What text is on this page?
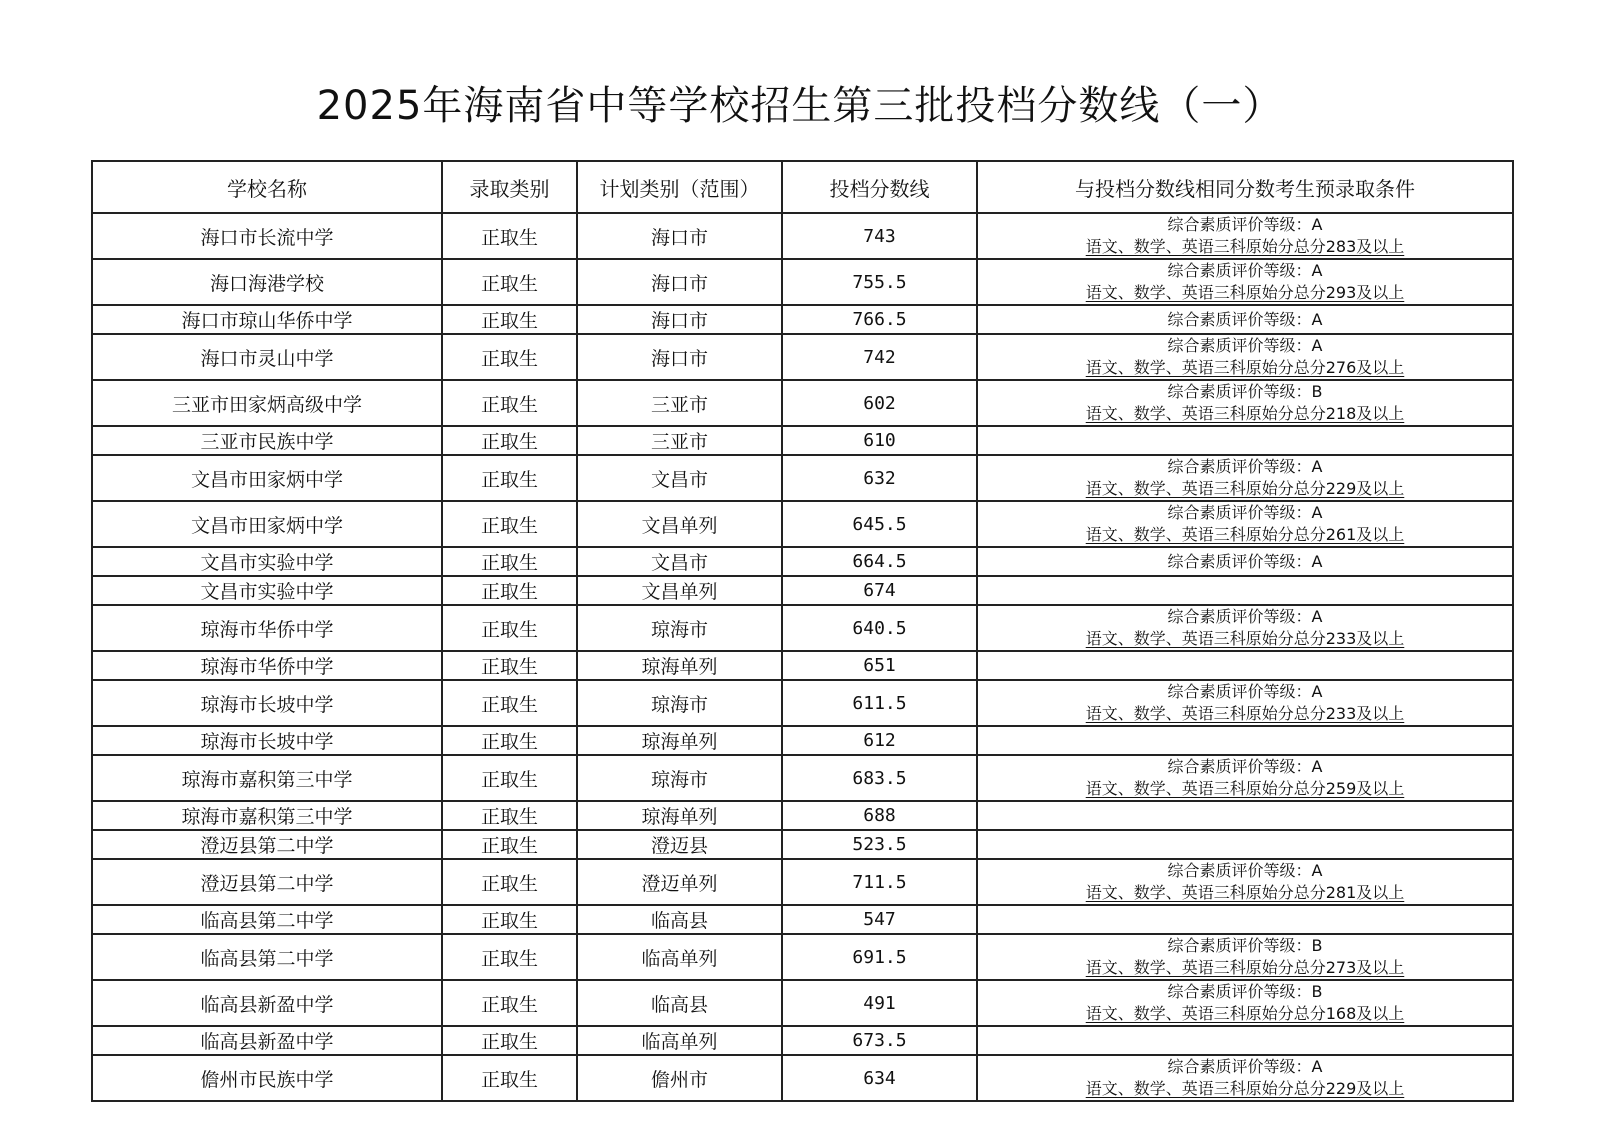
2025年海南省中等学校招生第三批投档分数线（一）
学校名称	录取类别	计划类别（范围）	投档分数线	与投档分数线相同分数考生预录取条件
海口市长流中学	正取生	海口市	743	综合素质评价等级：A
语文、数学、英语三科原始分总分283及以上

海口海港学校	正取生	海口市	755.5	综合素质评价等级：A
语文、数学、英语三科原始分总分293及以上

海口市琼山华侨中学	正取生	海口市	766.5	综合素质评价等级：A

海口市灵山中学	正取生	海口市	742	综合素质评价等级：A
语文、数学、英语三科原始分总分276及以上

三亚市田家炳高级中学	正取生	三亚市	602	综合素质评价等级：B
语文、数学、英语三科原始分总分218及以上

三亚市民族中学	正取生	三亚市	610	
文昌市田家炳中学	正取生	文昌市	632	综合素质评价等级：A
语文、数学、英语三科原始分总分229及以上

文昌市田家炳中学	正取生	文昌单列	645.5	综合素质评价等级：A
语文、数学、英语三科原始分总分261及以上

文昌市实验中学	正取生	文昌市	664.5	综合素质评价等级：A

文昌市实验中学	正取生	文昌单列	674	
琼海市华侨中学	正取生	琼海市	640.5	综合素质评价等级：A
语文、数学、英语三科原始分总分233及以上

琼海市华侨中学	正取生	琼海单列	651	
琼海市长坡中学	正取生	琼海市	611.5	综合素质评价等级：A
语文、数学、英语三科原始分总分233及以上

琼海市长坡中学	正取生	琼海单列	612	
琼海市嘉积第三中学	正取生	琼海市	683.5	综合素质评价等级：A
语文、数学、英语三科原始分总分259及以上

琼海市嘉积第三中学	正取生	琼海单列	688	
澄迈县第二中学	正取生	澄迈县	523.5	
澄迈县第二中学	正取生	澄迈单列	711.5	综合素质评价等级：A
语文、数学、英语三科原始分总分281及以上

临高县第二中学	正取生	临高县	547	
临高县第二中学	正取生	临高单列	691.5	综合素质评价等级：B
语文、数学、英语三科原始分总分273及以上

临高县新盈中学	正取生	临高县	491	综合素质评价等级：B
语文、数学、英语三科原始分总分168及以上

临高县新盈中学	正取生	临高单列	673.5	
儋州市民族中学	正取生	儋州市	634	综合素质评价等级：A
语文、数学、英语三科原始分总分229及以上
